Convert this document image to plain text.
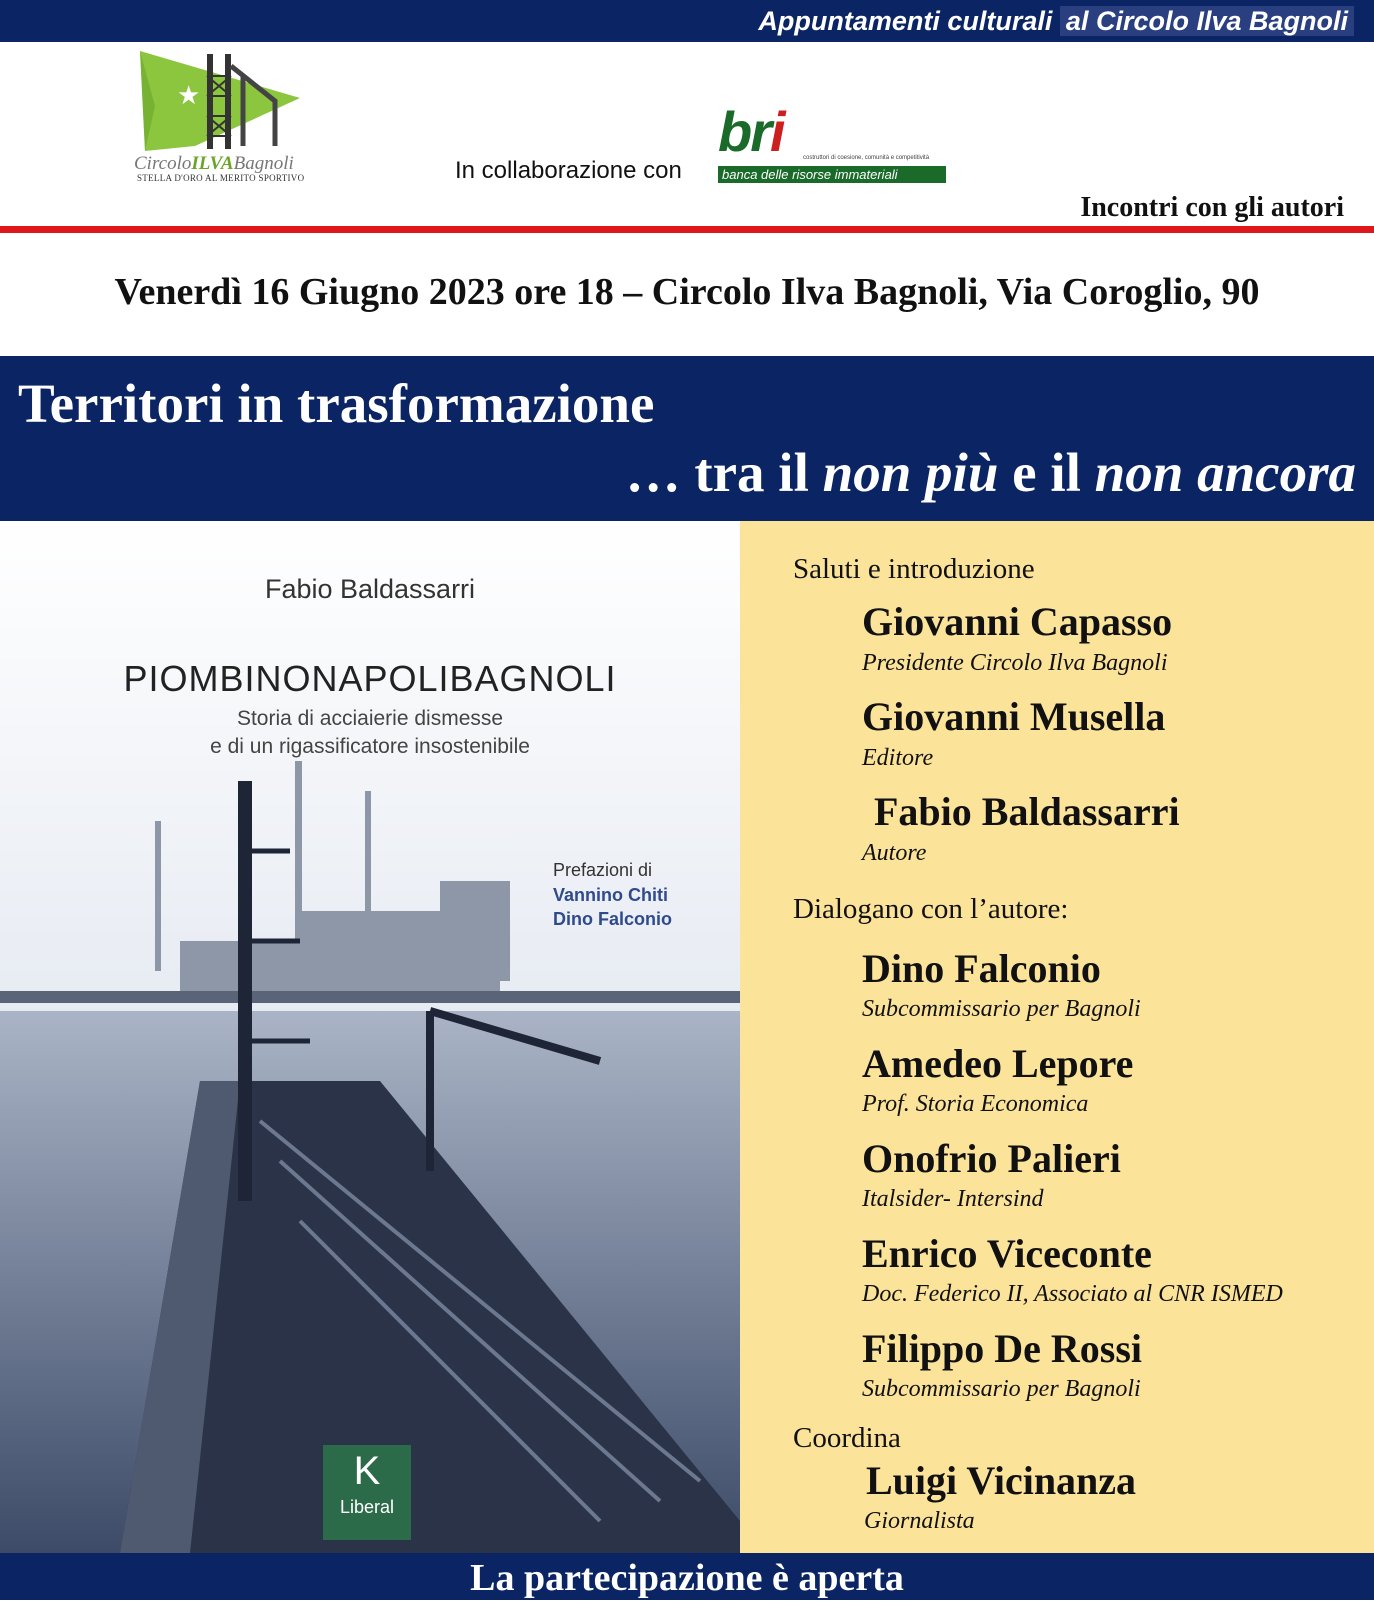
Appuntamenti culturali al Circolo Ilva Bagnoli
★
CircoloILVABagnoli
STELLA D'ORO AL MERITO SPORTIVO	In collaborazione con
bri	costruttori di coesione, comunità e competitività
banca delle risorse immateriali
Incontri con gli autori
Venerdì 16 Giugno 2023 ore 18 – Circolo Ilva Bagnoli, Via Coroglio, 90
Territori in trasformazione
… tra il non più e il non ancora
Fabio Baldassarri
PIOMBINONAPOLIBAGNOLI
Storia di acciaierie dismesse
e di un rigassificatore insostenibile
Prefazioni di
Vannino Chiti
Dino Falconio
K
Liberal
Saluti e introduzione
Giovanni Capasso
Presidente Circolo Ilva Bagnoli
Giovanni Musella
Editore
Fabio Baldassarri
Autore
Dialogano con l’autore:
Dino Falconio
Subcommissario per Bagnoli
Amedeo Lepore
Prof. Storia Economica
Onofrio Palieri
Italsider- Intersind
Enrico Viceconte
Doc. Federico II, Associato al CNR ISMED
Filippo De Rossi
Subcommissario per Bagnoli
Coordina
Luigi Vicinanza
Giornalista
La partecipazione è aperta
